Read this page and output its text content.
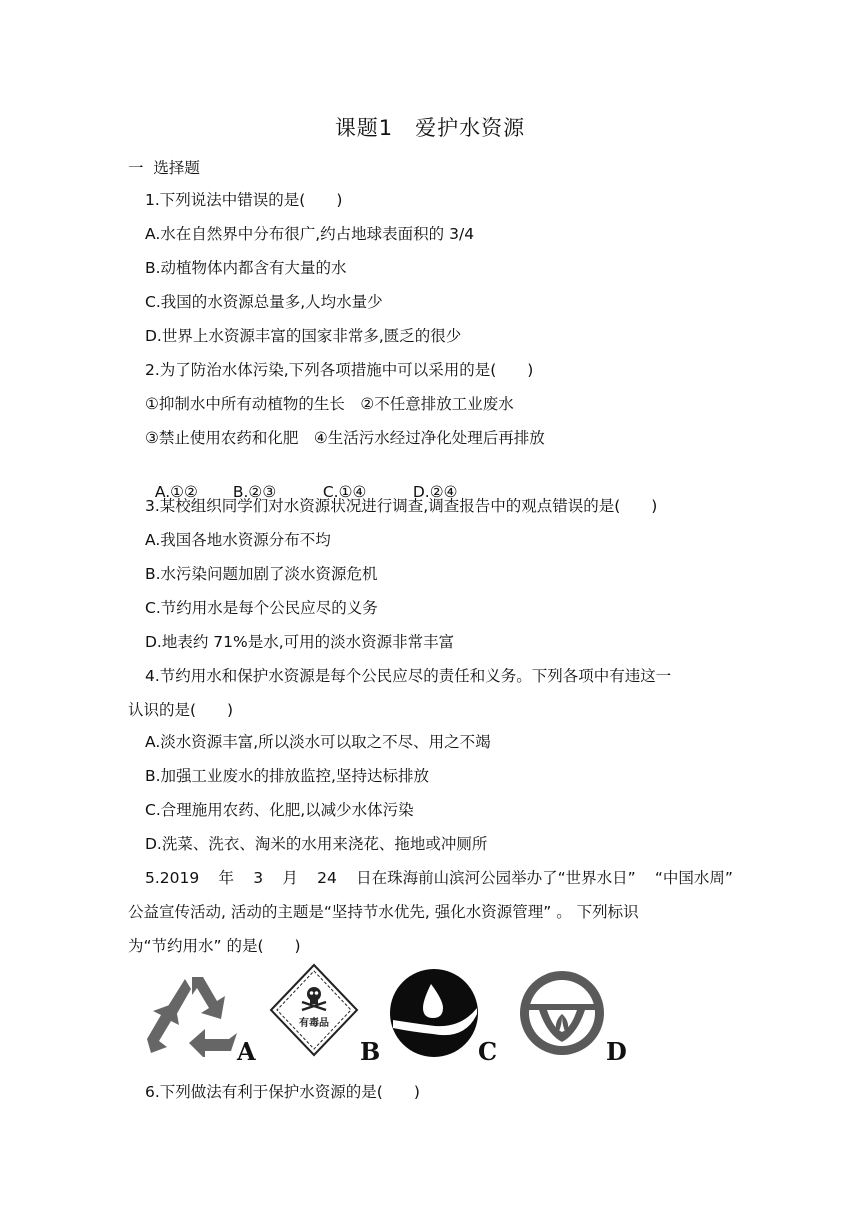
课题1　爱护水资源
一  选择题
1.下列说法中错误的是(　　)
A.水在自然界中分布很广,约占地球表面积的 3/4
B.动植物体内都含有大量的水
C.我国的水资源总量多,人均水量少
D.世界上水资源丰富的国家非常多,匮乏的很少
2.为了防治水体污染,下列各项措施中可以采用的是(　　)
①抑制水中所有动植物的生长　②不任意排放工业废水
③禁止使用农药和化肥　④生活污水经过净化处理后再排放

A.①② B.②③	C.①④	D.②④

3.某校组织同学们对水资源状况进行调查,调查报告中的观点错误的是(　　)
A.我国各地水资源分布不均
B.水污染问题加剧了淡水资源危机
C.节约用水是每个公民应尽的义务
D.地表约 71%是水,可用的淡水资源非常丰富
4.节约用水和保护水资源是每个公民应尽的责任和义务。下列各项中有违这一
认识的是(　　)
A.淡水资源丰富,所以淡水可以取之不尽、用之不竭
B.加强工业废水的排放监控,坚持达标排放
C.合理施用农药、化肥,以减少水体污染
D.洗菜、洗衣、淘米的水用来浇花、拖地或冲厕所
5.2019 年 3 月 24 日在珠海前山滨河公园举办了“世界水日” “中国水周”
公益宣传活动, 活动的主题是“坚持节水优先, 强化水资源管理” 。 下列标识
为“节约用水” 的是(　　)
A
有毒品
B	C	D
6.下列做法有利于保护水资源的是(　　)
